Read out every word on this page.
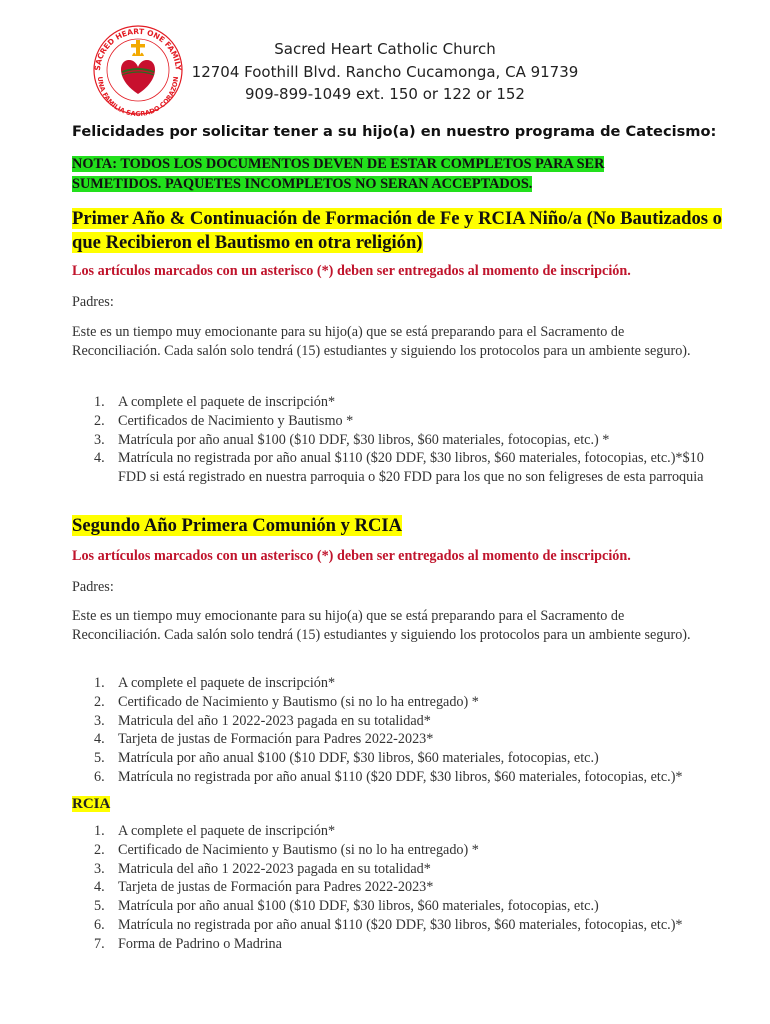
SACRED HEART ONE FAMILY
UNA FAMILIA SAGRADO CORAZON
Sacred Heart Catholic Church
12704 Foothill Blvd. Rancho Cucamonga, CA 91739
909-899-1049 ext. 150 or 122 or 152
Felicidades por solicitar tener a su hijo(a) en nuestro programa de Catecismo:
NOTA: TODOS LOS DOCUMENTOS DEVEN DE ESTAR COMPLETOS PARA SER
SUMETIDOS. PAQUETES INCOMPLETOS NO SERAN ACCEPTADOS.
Primer Año & Continuación de Formación de Fe y RCIA Niño/a (No Bautizados o
que Recibieron el Bautismo en otra religión)
Los artículos marcados con un asterisco (*) deben ser entregados al momento de inscripción.
Padres:
Este es un tiempo muy emocionante para su hijo(a) que se está preparando para el Sacramento de Reconciliación. Cada salón solo tendrá (15) estudiantes y siguiendo los protocolos para un ambiente seguro).
1. A complete el paquete de inscripción*
2. Certificados de Nacimiento y Bautismo *
3. Matrícula por año anual $100 ($10 DDF, $30 libros, $60 materiales, fotocopias, etc.) *
4. Matrícula no registrada por año anual $110 ($20 DDF, $30 libros, $60 materiales, fotocopias, etc.)*$10 FDD si está registrado en nuestra parroquia o $20 FDD para los que no son feligreses de esta parroquia
Segundo Año Primera Comunión y RCIA
Los artículos marcados con un asterisco (*) deben ser entregados al momento de inscripción.
Padres:
Este es un tiempo muy emocionante para su hijo(a) que se está preparando para el Sacramento de Reconciliación. Cada salón solo tendrá (15) estudiantes y siguiendo los protocolos para un ambiente seguro).
1. A complete el paquete de inscripción*
2. Certificado de Nacimiento y Bautismo (si no lo ha entregado) *
3. Matricula del año 1 2022-2023 pagada en su totalidad*
4. Tarjeta de justas de Formación para Padres 2022-2023*
5. Matrícula por año anual $100 ($10 DDF, $30 libros, $60 materiales, fotocopias, etc.)
6. Matrícula no registrada por año anual $110 ($20 DDF, $30 libros, $60 materiales, fotocopias, etc.)*
RCIA
1. A complete el paquete de inscripción*
2. Certificado de Nacimiento y Bautismo (si no lo ha entregado) *
3. Matricula del año 1 2022-2023 pagada en su totalidad*
4. Tarjeta de justas de Formación para Padres 2022-2023*
5. Matrícula por año anual $100 ($10 DDF, $30 libros, $60 materiales, fotocopias, etc.)
6. Matrícula no registrada por año anual $110 ($20 DDF, $30 libros, $60 materiales, fotocopias, etc.)*
7. Forma de Padrino o Madrina
